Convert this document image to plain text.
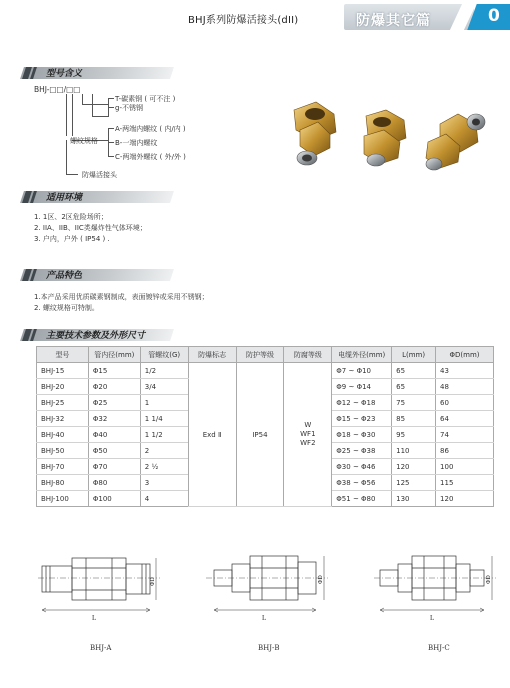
BHJ系列防爆活接头(dII)	防爆其它篇	0
型号含义
BHJ-□□/□□
T-碳素钢 ( 可不注 )
g-不锈钢
螺纹规格
A-两端内螺纹 ( 内/内 )
B-一端内螺纹
C-两端外螺纹 ( 外/外 )
防爆活接头
适用环境
1. 1区、2区危险场所；
2. IIA、IIB、IIC类爆炸性气体环境；
3. 户内，户外 ( IP54 ) .
产品特色
1.本产品采用优质碳素钢制成，表面镀锌或采用不锈钢；
2. 螺纹规格可特制。
主要技术参数及外形尺寸
型号	管内径(mm)	管螺纹(G)	防爆标志	防护等级	防腐等级	电缆外径(mm)	L(mm)	ΦD(mm)
BHJ-15	Φ15	1/2	Exd Ⅱ	IP54	W
WF1
WF2	Φ7 ~ Φ10	65	43
BHJ-20	Φ20	3/4				Φ9 ~ Φ14	65	48
BHJ-25	Φ25	1				Φ12 ~ Φ18	75	60
BHJ-32	Φ32	1 1/4				Φ15 ~ Φ23	85	64
BHJ-40	Φ40	1 1/2				Φ18 ~ Φ30	95	74
BHJ-50	Φ50	2				Φ25 ~ Φ38	110	86
BHJ-70	Φ70	2 ½				Φ30 ~ Φ46	120	100
BHJ-80	Φ80	3				Φ38 ~ Φ56	125	115
BHJ-100	Φ100	4				Φ51 ~ Φ80	130	120
L
ΦD
BHJ-A
L
ΦD
BHJ-B
L
ΦD
BHJ-C
